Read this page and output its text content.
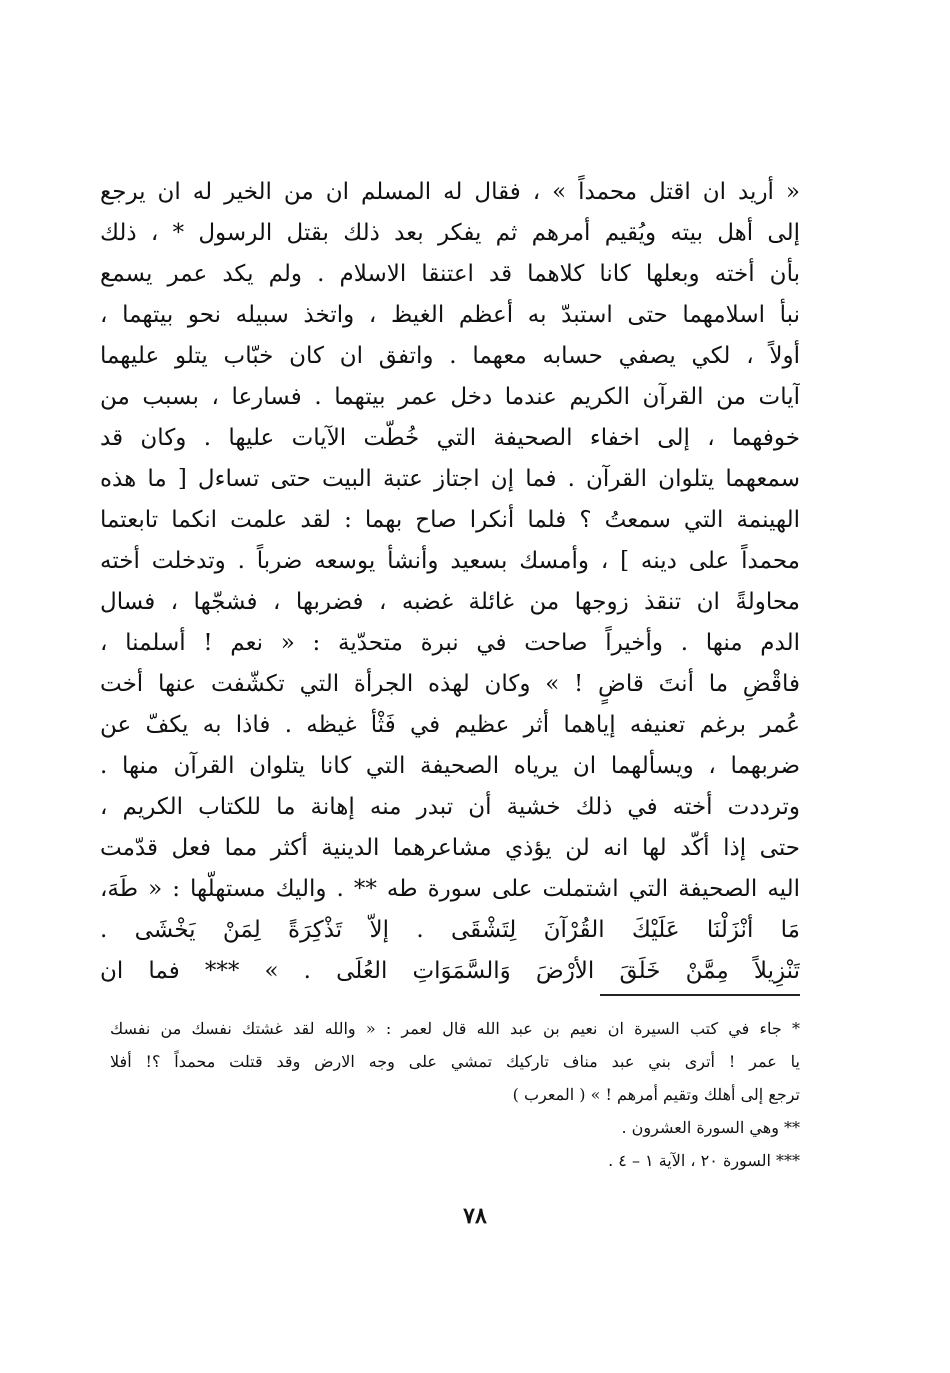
« أريد ان اقتل محمداً » ، فقال له المسلم ان من الخير له ان يرجع
إلى أهل بيته ويُقيم أمرهم ثم يفكر بعد ذلك بقتل الرسول * ، ذلك
بأن أخته وبعلها كانا كلاهما قد اعتنقا الاسلام . ولم يكد عمر يسمع
نبأ اسلامهما حتى استبدّ به أعظم الغيظ ، واتخذ سبيله نحو بيتهما ،
أولاً ، لكي يصفي حسابه معهما . واتفق ان كان خبّاب يتلو عليهما
آيات من القرآن الكريم عندما دخل عمر بيتهما . فسارعا ، بسبب من
خوفهما ، إلى اخفاء الصحيفة التي خُطّت الآيات عليها . وكان قد
سمعهما يتلوان القرآن . فما إن اجتاز عتبة البيت حتى تساءل [ ما هذه
الهينمة التي سمعتُ ؟ فلما أنكرا صاح بهما : لقد علمت انكما تابعتما
محمداً على دينه ] ، وأمسك بسعيد وأنشأ يوسعه ضرباً . وتدخلت أخته
محاولةً ان تنقذ زوجها من غائلة غضبه ، فضربها ، فشجّها ، فسال
الدم منها . وأخيراً صاحت في نبرة متحدّية : « نعم ! أسلمنا ،
فاقْضِ ما أنتَ قاضٍ ! » وكان لهذه الجرأة التي تكشّفت عنها أخت
عُمر برغم تعنيفه إياهما أثر عظيم في فَثْأ غيظه . فاذا به يكفّ عن
ضربهما ، ويسألهما ان يرياه الصحيفة التي كانا يتلوان القرآن منها .
وترددت أخته في ذلك خشية أن تبدر منه إهانة ما للكتاب الكريم ،
حتى إذا أكّد لها انه لن يؤذي مشاعرهما الدينية أكثر مما فعل قدّمت
اليه الصحيفة التي اشتملت على سورة طه ** . واليك مستهلّها : « طَهَ،
مَا أنْزَلْنَا عَلَيْكَ القُرْآنَ لِتَشْقَى . إلاّ تَذْكِرَةً لِمَنْ يَخْشَى .
تَنْزِيلاً مِمَّنْ خَلَقَ الأرْضَ وَالسَّمَوَاتِ العُلَى . » *** فما ان
* جاء في كتب السيرة ان نعيم بن عبد الله قال لعمر : « والله لقد غشتك نفسك من نفسك
يا عمر ! أترى بني عبد مناف تاركيك تمشي على وجه الارض وقد قتلت محمداً ؟! أفلا
ترجع إلى أهلك وتقيم أمرهم ! » ( المعرب )
** وهي السورة العشرون .
*** السورة ٢٠ ، الآية ١ – ٤ .
٧٨
